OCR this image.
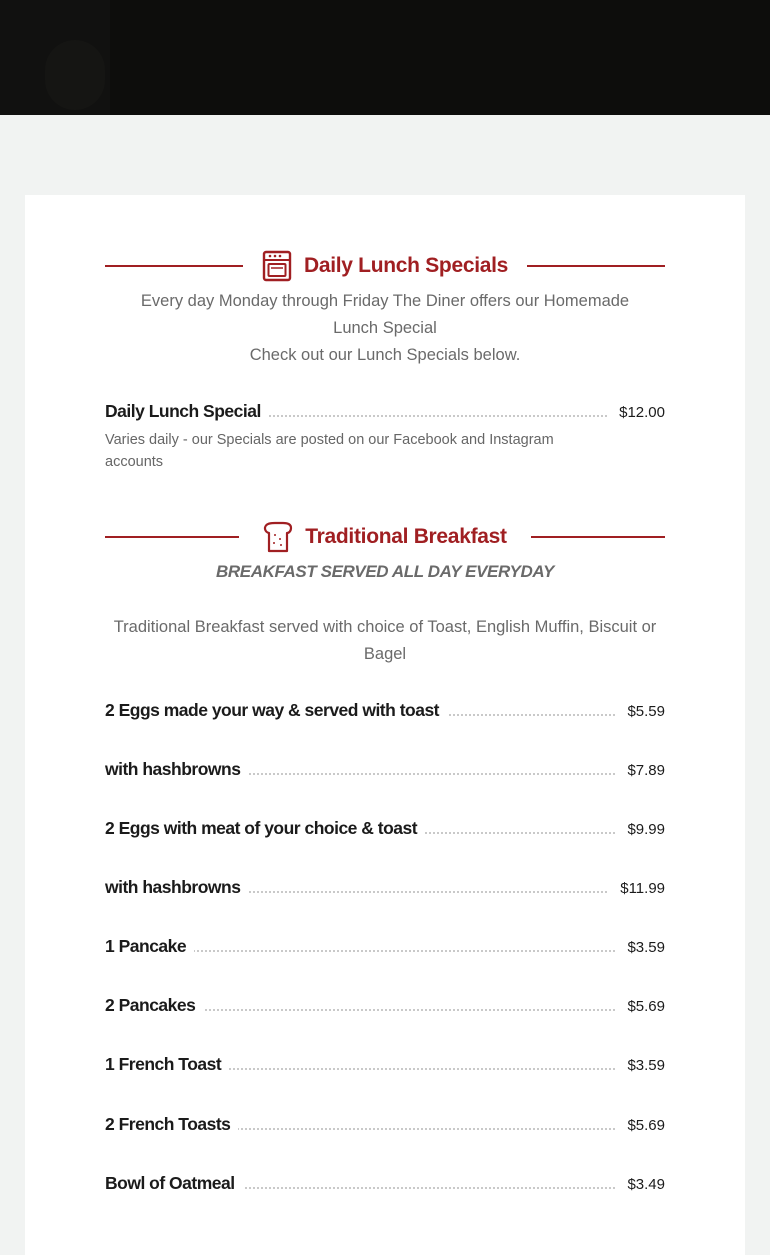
Daily Lunch Specials
Every day Monday through Friday The Diner offers our Homemade Lunch Special
Check out our Lunch Specials below.
Daily Lunch Special	$12.00
Varies daily - our Specials are posted on our Facebook and Instagram accounts
Traditional Breakfast
BREAKFAST SERVED ALL DAY EVERYDAY
Traditional Breakfast served with choice of Toast, English Muffin, Biscuit or Bagel
2 Eggs made your way & served with toast	$5.59
with hashbrowns	$7.89
2 Eggs with meat of your choice & toast	$9.99
with hashbrowns	$11.99
1 Pancake	$3.59
2 Pancakes	$5.69
1 French Toast	$3.59
2 French Toasts	$5.69
Bowl of Oatmeal	$3.49
